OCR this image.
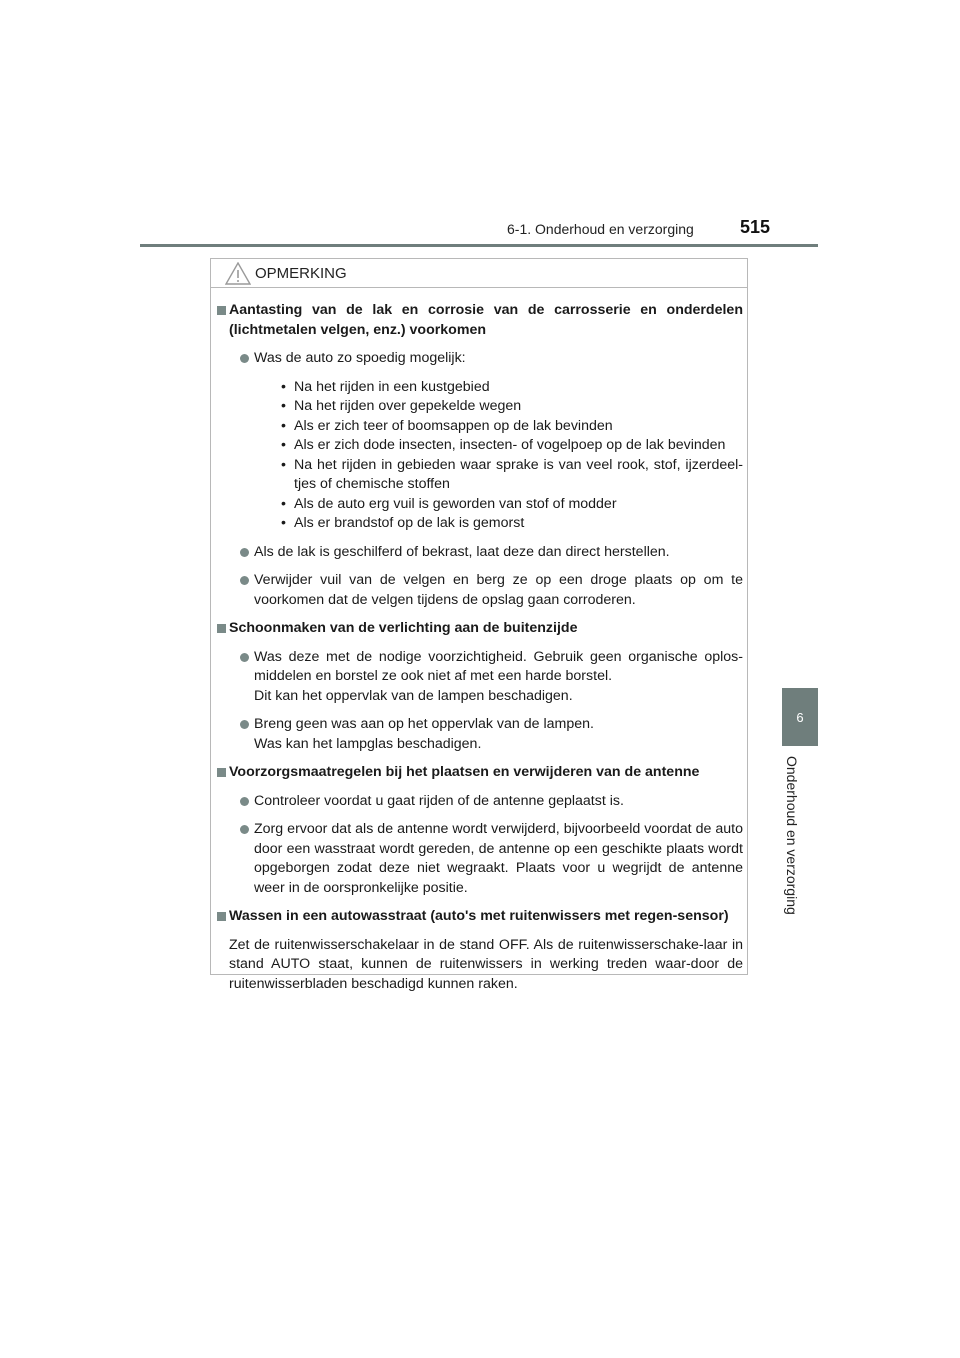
6-1. Onderhoud en verzorging	515
6
Onderhoud en verzorging
OPMERKING
Aantasting van de lak en corrosie van de carrosserie en onderdelen (lichtmetalen velgen, enz.) voorkomen
Was de auto zo spoedig mogelijk:
• Na het rijden in een kustgebied
• Na het rijden over gepekelde wegen
• Als er zich teer of boomsappen op de lak bevinden
• Als er zich dode insecten, insecten- of vogelpoep op de lak bevinden
• Na het rijden in gebieden waar sprake is van veel rook, stof, ijzerdeel-tjes of chemische stoffen
• Als de auto erg vuil is geworden van stof of modder
• Als er brandstof op de lak is gemorst
Als de lak is geschilferd of bekrast, laat deze dan direct herstellen.
Verwijder vuil van de velgen en berg ze op een droge plaats op om te voorkomen dat de velgen tijdens de opslag gaan corroderen.
Schoonmaken van de verlichting aan de buitenzijde
Was deze met de nodige voorzichtigheid. Gebruik geen organische oplos-middelen en borstel ze ook niet af met een harde borstel.
Dit kan het oppervlak van de lampen beschadigen.
Breng geen was aan op het oppervlak van de lampen.
Was kan het lampglas beschadigen.
Voorzorgsmaatregelen bij het plaatsen en verwijderen van de antenne
Controleer voordat u gaat rijden of de antenne geplaatst is.
Zorg ervoor dat als de antenne wordt verwijderd, bijvoorbeeld voordat de auto door een wasstraat wordt gereden, de antenne op een geschikte plaats wordt opgeborgen zodat deze niet wegraakt. Plaats voor u wegrijdt de antenne weer in de oorspronkelijke positie.
Wassen in een autowasstraat (auto's met ruitenwissers met regen-sensor)
Zet de ruitenwisserschakelaar in de stand OFF. Als de ruitenwisserschake-laar in stand AUTO staat, kunnen de ruitenwissers in werking treden waar-door de ruitenwisserbladen beschadigd kunnen raken.
